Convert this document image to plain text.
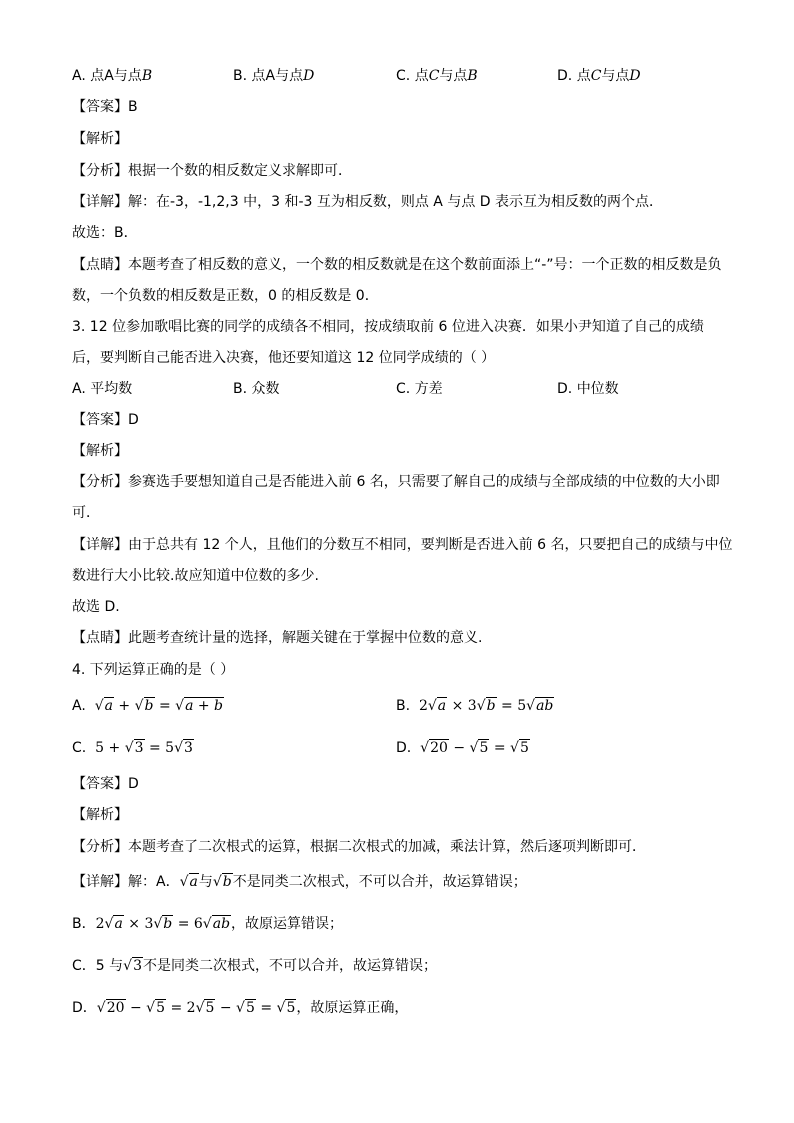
A. 点A与点B	B. 点A与点D	C. 点C与点B	D. 点C与点D
【答案】B
【解析】
【分析】根据一个数的相反数定义求解即可．
【详解】解：在-3，-1,2,3 中，3 和-3 互为相反数，则点 A 与点 D 表示互为相反数的两个点．
故选：B．
【点睛】本题考查了相反数的意义，一个数的相反数就是在这个数前面添上“-”号：一个正数的相反数是负
数，一个负数的相反数是正数，0 的相反数是 0．
3. 12 位参加歌唱比赛的同学的成绩各不相同，按成绩取前 6 位进入决赛．如果小尹知道了自己的成绩
后，要判断自己能否进入决赛，他还要知道这 12 位同学成绩的（ ）
A. 平均数	B. 众数	C. 方差	D. 中位数
【答案】D
【解析】
【分析】参赛选手要想知道自己是否能进入前 6 名，只需要了解自己的成绩与全部成绩的中位数的大小即
可．
【详解】由于总共有 12 个人，且他们的分数互不相同，要判断是否进入前 6 名，只要把自己的成绩与中位
数进行大小比较.故应知道中位数的多少.
故选 D.
【点睛】此题考查统计量的选择，解题关键在于掌握中位数的意义.
4. 下列运算正确的是（ ）
A. √a + √b = √a + b	B.  2√a × 3√b = 5√ab
C.  5 + √3 = 5√3	D. √20 − √5 = √5
【答案】D
【解析】
【分析】本题考查了二次根式的运算，根据二次根式的加减，乘法计算，然后逐项判断即可．
【详解】解：A．√a与√b不是同类二次根式，不可以合并，故运算错误；
B．2√a × 3√b = 6√ab，故原运算错误；
C．5 与√3不是同类二次根式，不可以合并，故运算错误；
D．√20 − √5 = 2√5 − √5 = √5，故原运算正确，
